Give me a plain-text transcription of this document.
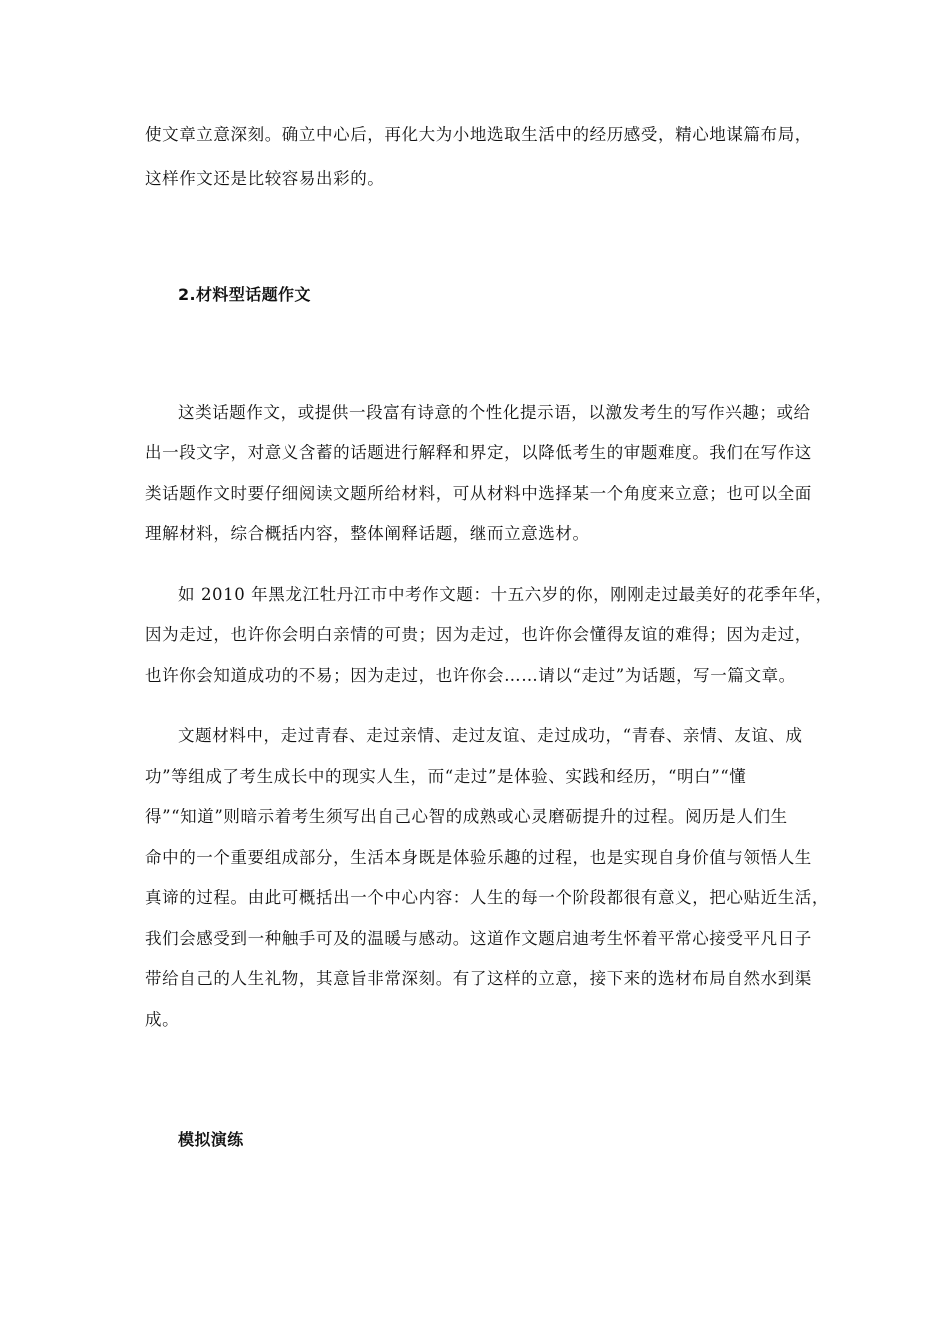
使文章立意深刻。确立中心后，再化大为小地选取生活中的经历感受，精心地谋篇布局，
这样作文还是比较容易出彩的。
2.材料型话题作文
这类话题作文，或提供一段富有诗意的个性化提示语，以激发考生的写作兴趣；或给
出一段文字，对意义含蓄的话题进行解释和界定，以降低考生的审题难度。我们在写作这
类话题作文时要仔细阅读文题所给材料，可从材料中选择某一个角度来立意；也可以全面
理解材料，综合概括内容，整体阐释话题，继而立意选材。
如 2010 年黑龙江牡丹江市中考作文题：十五六岁的你，刚刚走过最美好的花季年华，
因为走过，也许你会明白亲情的可贵；因为走过，也许你会懂得友谊的难得；因为走过，
也许你会知道成功的不易；因为走过，也许你会……请以“走过”为话题，写一篇文章。
文题材料中，走过青春、走过亲情、走过友谊、走过成功，“青春、亲情、友谊、成
功”等组成了考生成长中的现实人生，而“走过”是体验、实践和经历，“明白”“懂
得”“知道”则暗示着考生须写出自己心智的成熟或心灵磨砺提升的过程。阅历是人们生
命中的一个重要组成部分，生活本身既是体验乐趣的过程，也是实现自身价值与领悟人生
真谛的过程。由此可概括出一个中心内容：人生的每一个阶段都很有意义，把心贴近生活，
我们会感受到一种触手可及的温暖与感动。这道作文题启迪考生怀着平常心接受平凡日子
带给自己的人生礼物，其意旨非常深刻。有了这样的立意，接下来的选材布局自然水到渠
成。
模拟演练
